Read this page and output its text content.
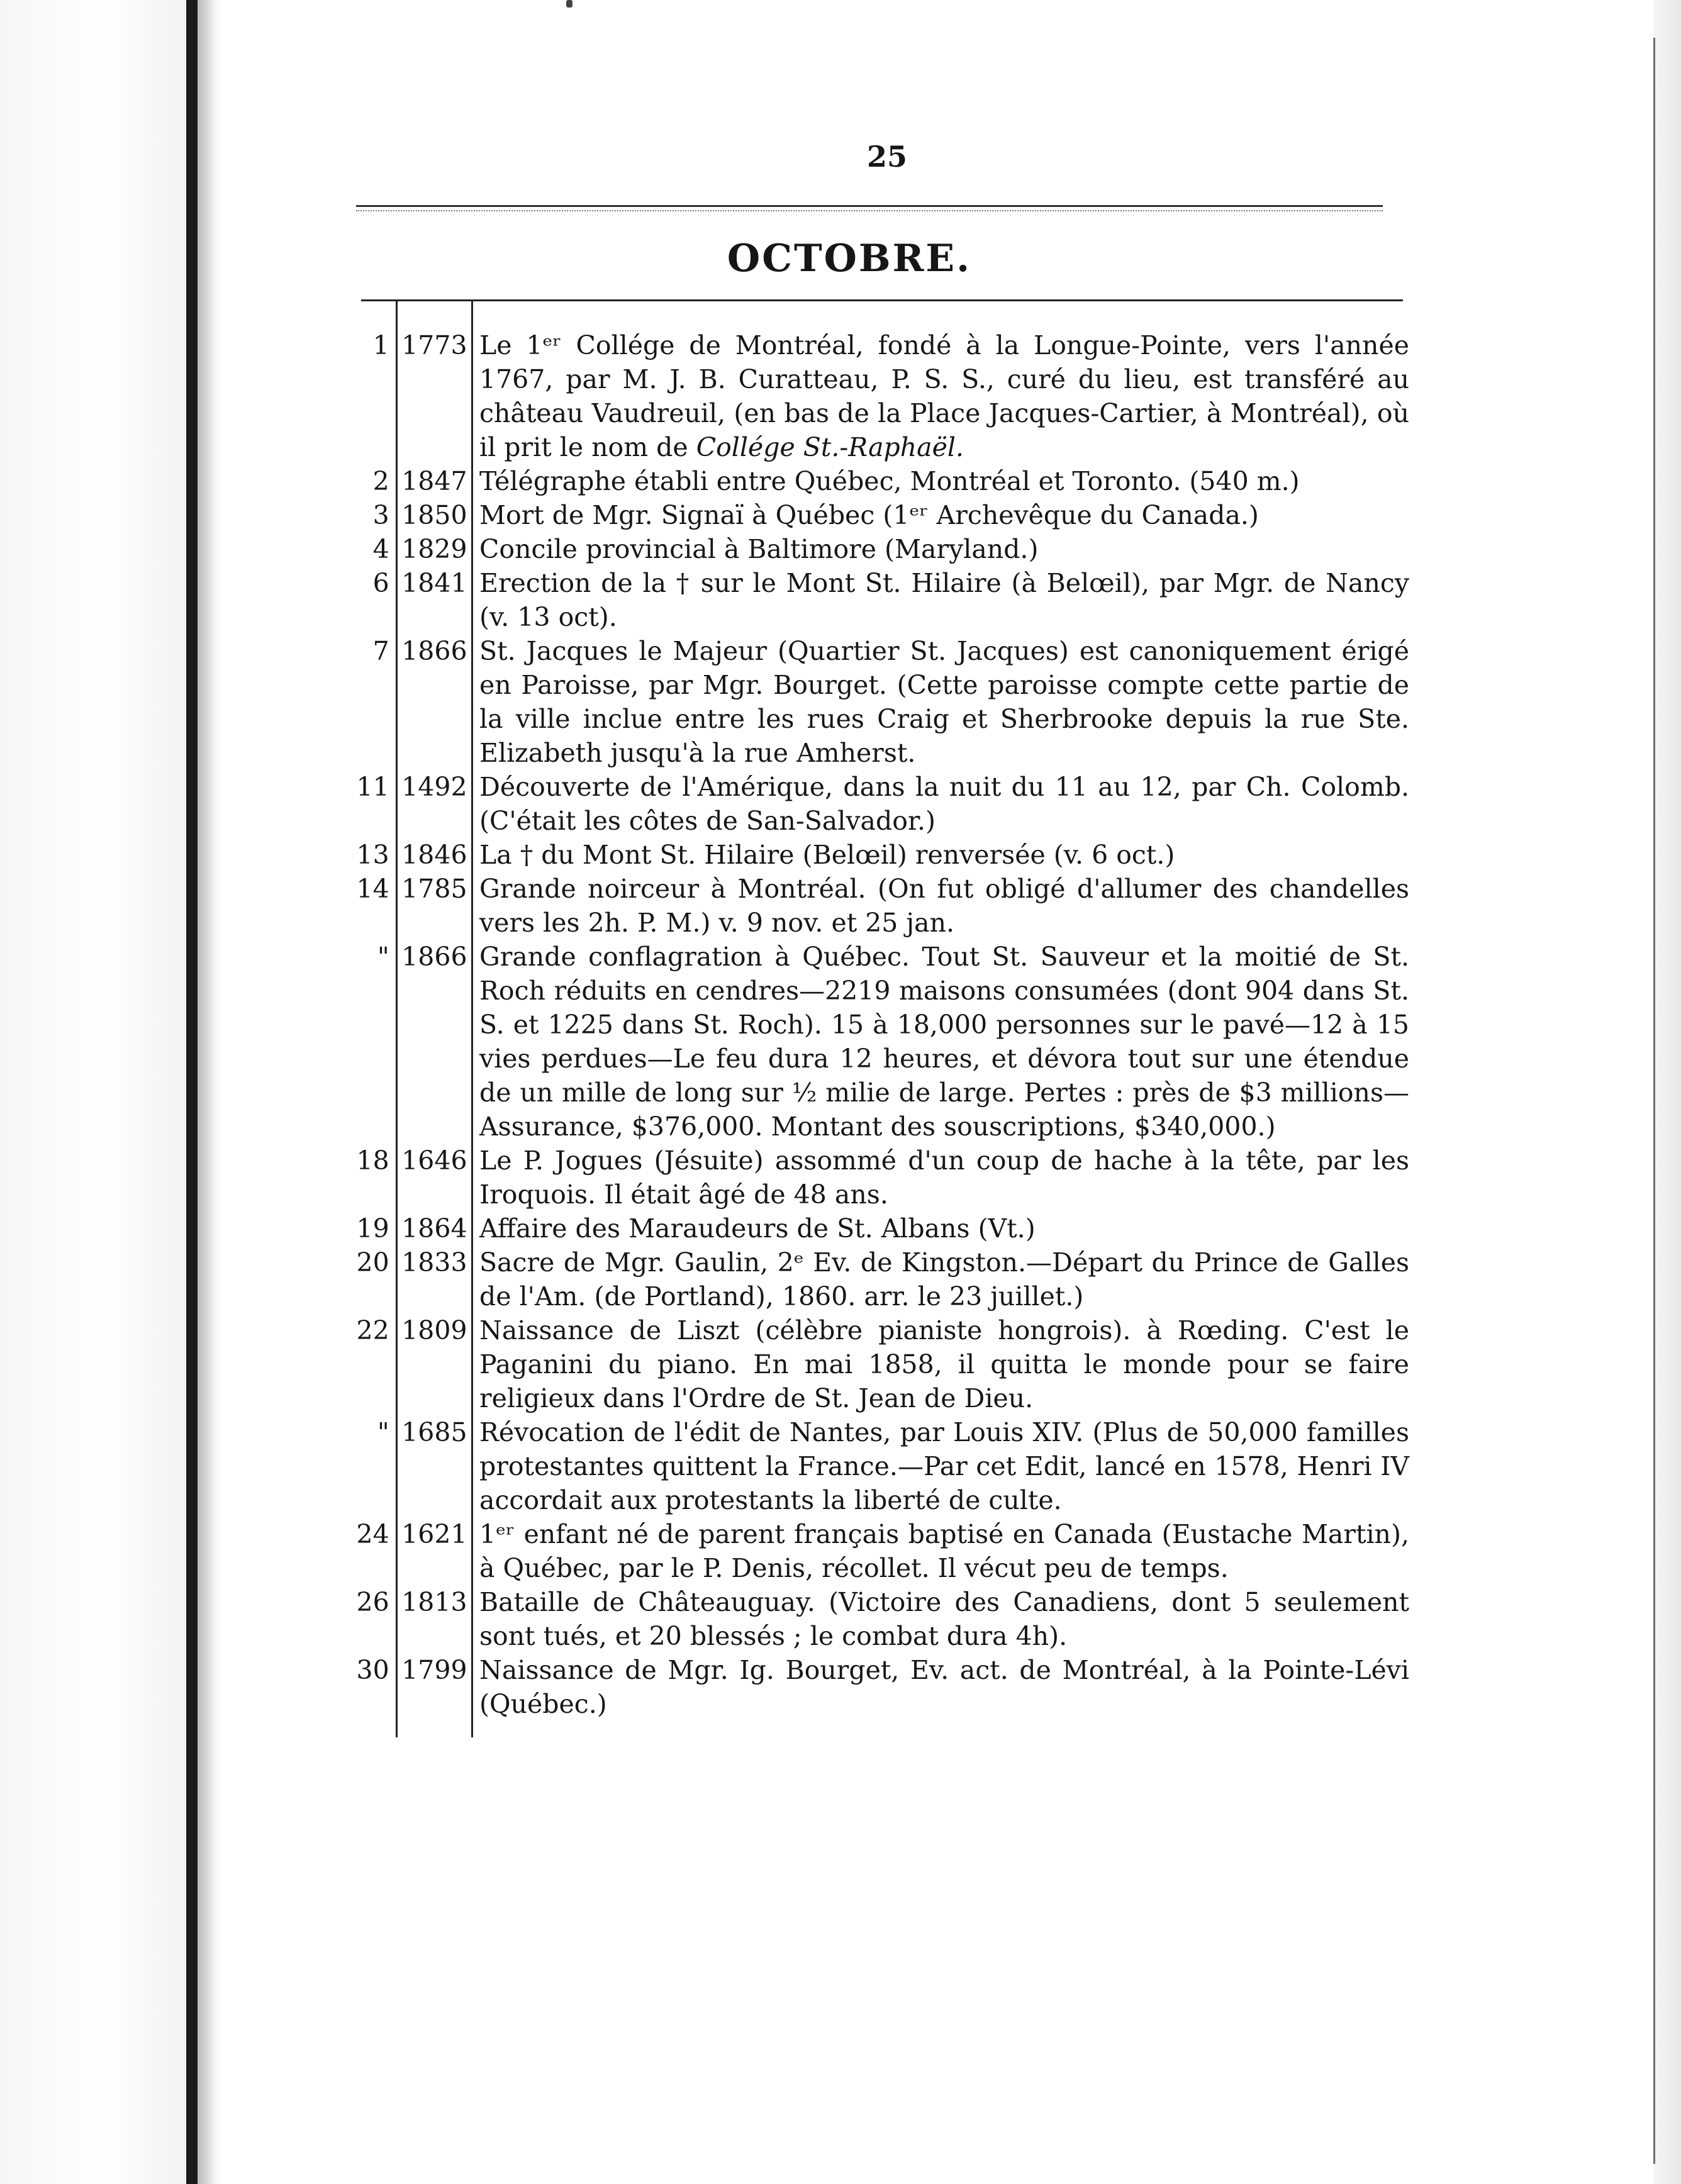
25
OCTOBRE.
1	1773	Le 1ᵉʳ Collége de Montréal, fondé à la Longue-Pointe, vers l'année 1767, par M. J. B. Curatteau, P. S. S., curé du lieu, est transféré au château Vaudreuil, (en bas de la Place Jacques-Cartier, à Montréal), où il prit le nom de Collége St.-Raphaël.
2	1847	Télégraphe établi entre Québec, Montréal et Toronto. (540 m.)
3	1850	Mort de Mgr. Signaï à Québec (1ᵉʳ Archevêque du Canada.)
4	1829	Concile provincial à Baltimore (Maryland.)
6	1841	Erection de la † sur le Mont St. Hilaire (à Belœil), par Mgr. de Nancy (v. 13 oct).
7	1866	St. Jacques le Majeur (Quartier St. Jacques) est canoniquement érigé en Paroisse, par Mgr. Bourget. (Cette paroisse compte cette partie de la ville inclue entre les rues Craig et Sherbrooke depuis la rue Ste. Elizabeth jusqu'à la rue Amherst.
11	1492	Découverte de l'Amérique, dans la nuit du 11 au 12, par Ch. Colomb. (C'était les côtes de San-Salvador.)
13	1846	La † du Mont St. Hilaire (Belœil) renversée (v. 6 oct.)
14	1785	Grande noirceur à Montréal. (On fut obligé d'allumer des chandelles vers les 2h. P. M.) v. 9 nov. et 25 jan.
"	1866	Grande conflagration à Québec. Tout St. Sauveur et la moitié de St. Roch réduits en cendres—2219 maisons consumées (dont 904 dans St. S. et 1225 dans St. Roch). 15 à 18,000 personnes sur le pavé—12 à 15 vies perdues—Le feu dura 12 heures, et dévora tout sur une étendue de un mille de long sur ½ milie de large. Pertes : près de $3 millions—Assurance, $376,000. Montant des souscriptions, $340,000.)
18	1646	Le P. Jogues (Jésuite) assommé d'un coup de hache à la tête, par les Iroquois. Il était âgé de 48 ans.
19	1864	Affaire des Maraudeurs de St. Albans (Vt.)
20	1833	Sacre de Mgr. Gaulin, 2ᵉ Ev. de Kingston.—Départ du Prince de Galles de l'Am. (de Portland), 1860. arr. le 23 juillet.)
22	1809	Naissance de Liszt (célèbre pianiste hongrois). à Rœding. C'est le Paganini du piano. En mai 1858, il quitta le monde pour se faire religieux dans l'Ordre de St. Jean de Dieu.
"	1685	Révocation de l'édit de Nantes, par Louis XIV. (Plus de 50,000 familles protestantes quittent la France.—Par cet Edit, lancé en 1578, Henri IV accordait aux protestants la liberté de culte.
24	1621	1ᵉʳ enfant né de parent français baptisé en Canada (Eustache Martin), à Québec, par le P. Denis, récollet. Il vécut peu de temps.
26	1813	Bataille de Châteauguay. (Victoire des Canadiens, dont 5 seulement sont tués, et 20 blessés ; le combat dura 4h).
30	1799	Naissance de Mgr. Ig. Bourget, Ev. act. de Montréal, à la Pointe-Lévi (Québec.)
